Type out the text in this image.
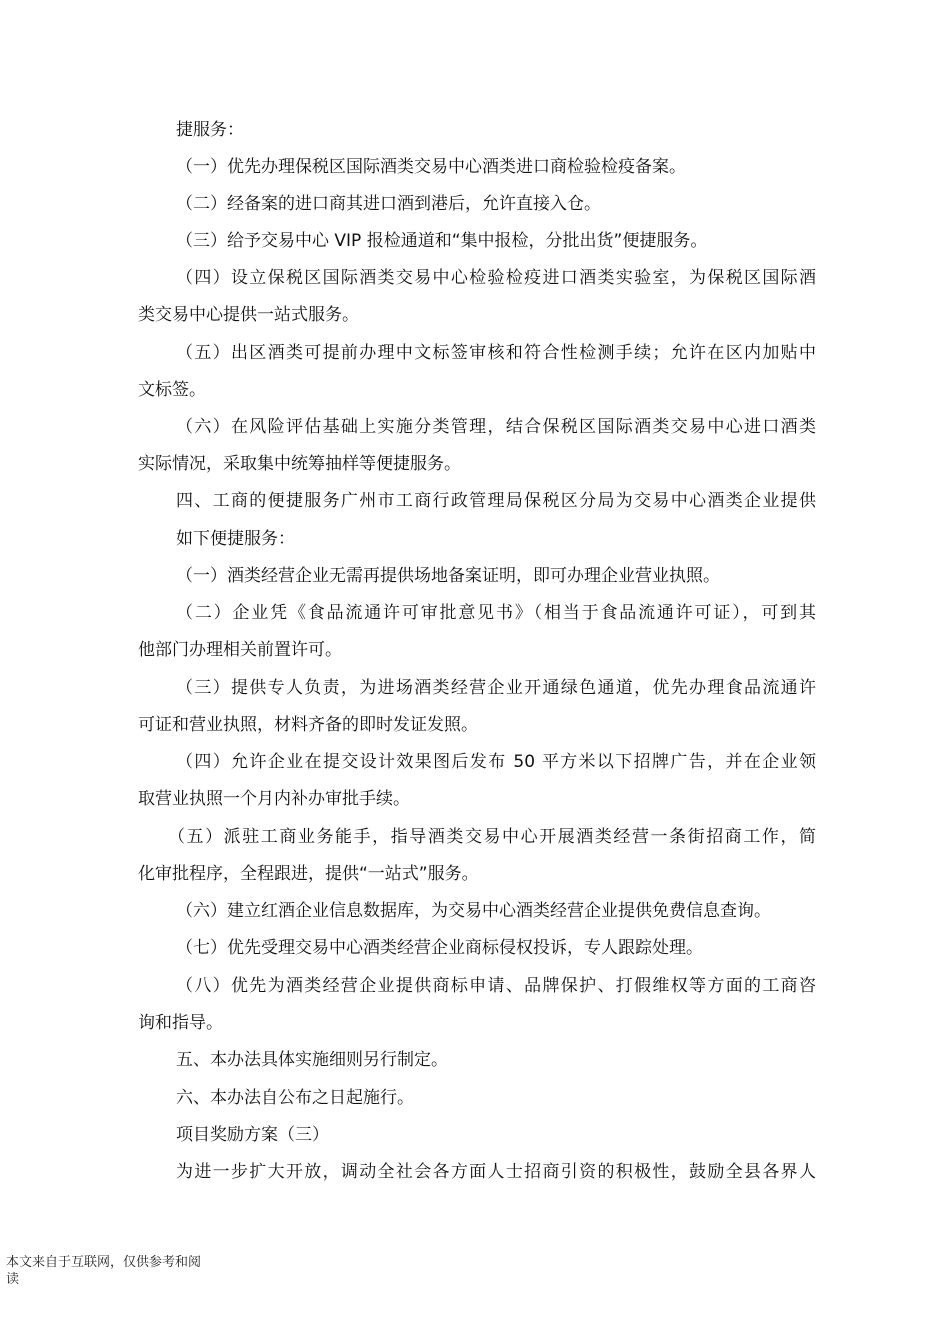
捷服务：

（一）优先办理保税区国际酒类交易中心酒类进口商检验检疫备案。

（二）经备案的进口商其进口酒到港后，允许直接入仓。

（三）给予交易中心 VIP 报检通道和“集中报检，分批出货”便捷服务。

（四）设立保税区国际酒类交易中心检验检疫进口酒类实验室，为保税区国际酒

类交易中心提供一站式服务。

（五）出区酒类可提前办理中文标签审核和符合性检测手续；允许在区内加贴中

文标签。

（六）在风险评估基础上实施分类管理，结合保税区国际酒类交易中心进口酒类

实际情况，采取集中统筹抽样等便捷服务。

四、工商的便捷服务广州市工商行政管理局保税区分局为交易中心酒类企业提供

如下便捷服务：

（一）酒类经营企业无需再提供场地备案证明，即可办理企业营业执照。

（二）企业凭《食品流通许可审批意见书》（相当于食品流通许可证），可到其

他部门办理相关前置许可。

（三）提供专人负责，为进场酒类经营企业开通绿色通道，优先办理食品流通许

可证和营业执照，材料齐备的即时发证发照。

（四）允许企业在提交设计效果图后发布 50 平方米以下招牌广告，并在企业领

取营业执照一个月内补办审批手续。

（五）派驻工商业务能手，指导酒类交易中心开展酒类经营一条街招商工作，简

化审批程序，全程跟进，提供“一站式”服务。

（六）建立红酒企业信息数据库，为交易中心酒类经营企业提供免费信息查询。

（七）优先受理交易中心酒类经营企业商标侵权投诉，专人跟踪处理。

（八）优先为酒类经营企业提供商标申请、品牌保护、打假维权等方面的工商咨

询和指导。

五、本办法具体实施细则另行制定。

六、本办法自公布之日起施行。

项目奖励方案（三）

为进一步扩大开放，调动全社会各方面人士招商引资的积极性，鼓励全县各界人

本文来自于互联网，仅供参考和阅
读
